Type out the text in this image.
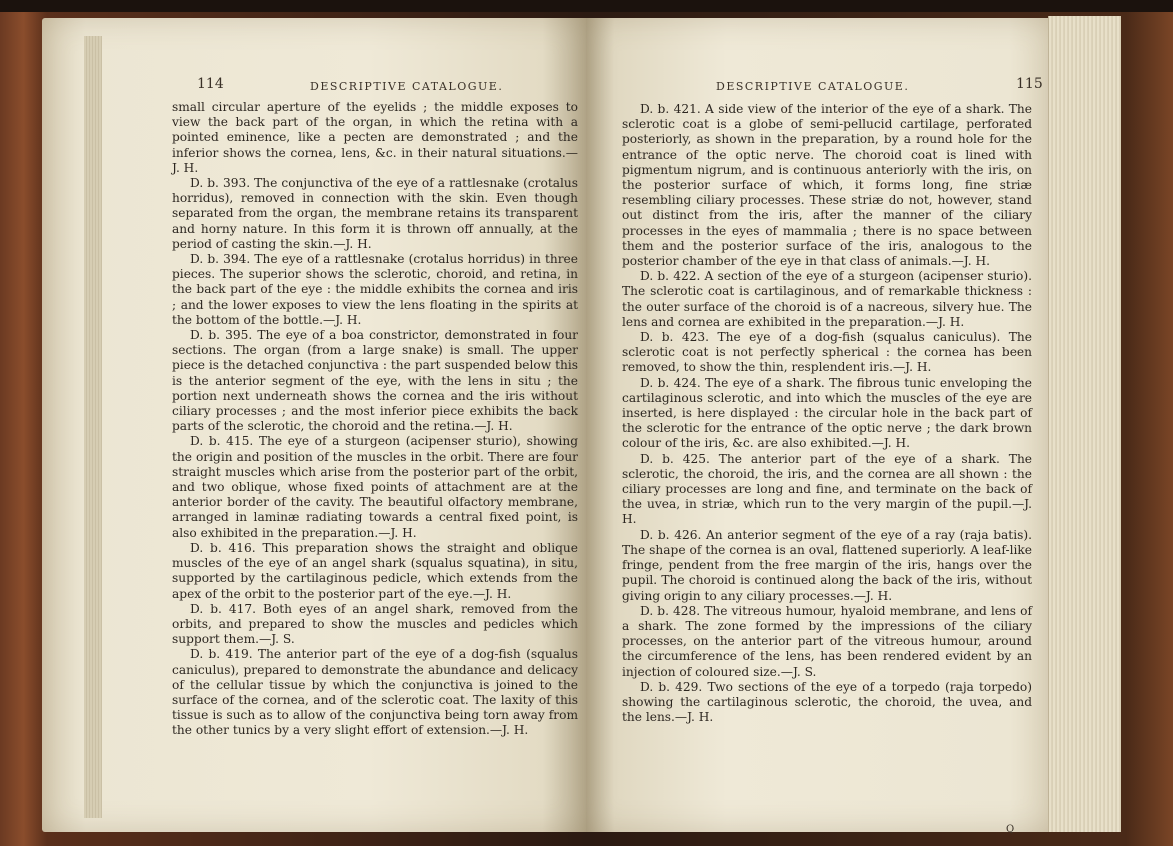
114	DESCRIPTIVE CATALOGUE.

small circular aperture of the eyelids ; the middle exposes to view the back part of the organ, in which the retina with a pointed eminence, like a pecten are demonstrated ; and the inferior shows the cornea, lens, &c. in their natural situations.—J. H.

D. b. 393. The conjunctiva of the eye of a rattlesnake (crotalus horridus), removed in connection with the skin. Even though separated from the organ, the membrane retains its transparent and horny nature. In this form it is thrown off annually, at the period of casting the skin.—J. H.

D. b. 394. The eye of a rattlesnake (crotalus horridus) in three pieces. The superior shows the sclerotic, choroid, and retina, in the back part of the eye : the middle exhibits the cornea and iris ; and the lower exposes to view the lens floating in the spirits at the bottom of the bottle.—J. H.

D. b. 395. The eye of a boa constrictor, demonstrated in four sections. The organ (from a large snake) is small. The upper piece is the detached conjunctiva : the part suspended below this is the anterior segment of the eye, with the lens in situ ; the portion next underneath shows the cornea and the iris without ciliary processes ; and the most inferior piece exhibits the back parts of the sclerotic, the choroid and the retina.—J. H.

D. b. 415. The eye of a sturgeon (acipenser sturio), showing the origin and position of the muscles in the orbit. There are four straight muscles which arise from the posterior part of the orbit, and two oblique, whose fixed points of attachment are at the anterior border of the cavity. The beautiful olfactory membrane, arranged in laminæ radiating towards a central fixed point, is also exhibited in the preparation.—J. H.

D. b. 416. This preparation shows the straight and oblique muscles of the eye of an angel shark (squalus squatina), in situ, supported by the cartilaginous pedicle, which extends from the apex of the orbit to the posterior part of the eye.—J. H.

D. b. 417. Both eyes of an angel shark, removed from the orbits, and prepared to show the muscles and pedicles which support them.—J. S.

D. b. 419. The anterior part of the eye of a dog-fish (squalus caniculus), prepared to demonstrate the abundance and delicacy of the cellular tissue by which the conjunctiva is joined to the surface of the cornea, and of the sclerotic coat. The laxity of this tissue is such as to allow of the conjunctiva being torn away from the other tunics by a very slight effort of extension.—J. H.

DESCRIPTIVE CATALOGUE.	115

D. b. 421. A side view of the interior of the eye of a shark. The sclerotic coat is a globe of semi-pellucid cartilage, perforated posteriorly, as shown in the preparation, by a round hole for the entrance of the optic nerve. The choroid coat is lined with pigmentum nigrum, and is continuous anteriorly with the iris, on the posterior surface of which, it forms long, fine striæ resembling ciliary processes. These striæ do not, however, stand out distinct from the iris, after the manner of the ciliary processes in the eyes of mammalia ; there is no space between them and the posterior surface of the iris, analogous to the posterior chamber of the eye in that class of animals.—J. H.

D. b. 422. A section of the eye of a sturgeon (acipenser sturio). The sclerotic coat is cartilaginous, and of remarkable thickness : the outer surface of the choroid is of a nacreous, silvery hue. The lens and cornea are exhibited in the preparation.—J. H.

D. b. 423. The eye of a dog-fish (squalus caniculus). The sclerotic coat is not perfectly spherical : the cornea has been removed, to show the thin, resplendent iris.—J. H.

D. b. 424. The eye of a shark. The fibrous tunic enveloping the cartilaginous sclerotic, and into which the muscles of the eye are inserted, is here displayed : the circular hole in the back part of the sclerotic for the entrance of the optic nerve ; the dark brown colour of the iris, &c. are also exhibited.—J. H.

D. b. 425. The anterior part of the eye of a shark. The sclerotic, the choroid, the iris, and the cornea are all shown : the ciliary processes are long and fine, and terminate on the back of the uvea, in striæ, which run to the very margin of the pupil.—J. H.

D. b. 426. An anterior segment of the eye of a ray (raja batis). The shape of the cornea is an oval, flattened superiorly. A leaf-like fringe, pendent from the free margin of the iris, hangs over the pupil. The choroid is continued along the back of the iris, without giving origin to any ciliary processes.—J. H.

D. b. 428. The vitreous humour, hyaloid membrane, and lens of a shark. The zone formed by the impressions of the ciliary processes, on the anterior part of the vitreous humour, around the circumference of the lens, has been rendered evident by an injection of coloured size.—J. S.

D. b. 429. Two sections of the eye of a torpedo (raja torpedo) showing the cartilaginous sclerotic, the choroid, the uvea, and the lens.—J. H.

Q
